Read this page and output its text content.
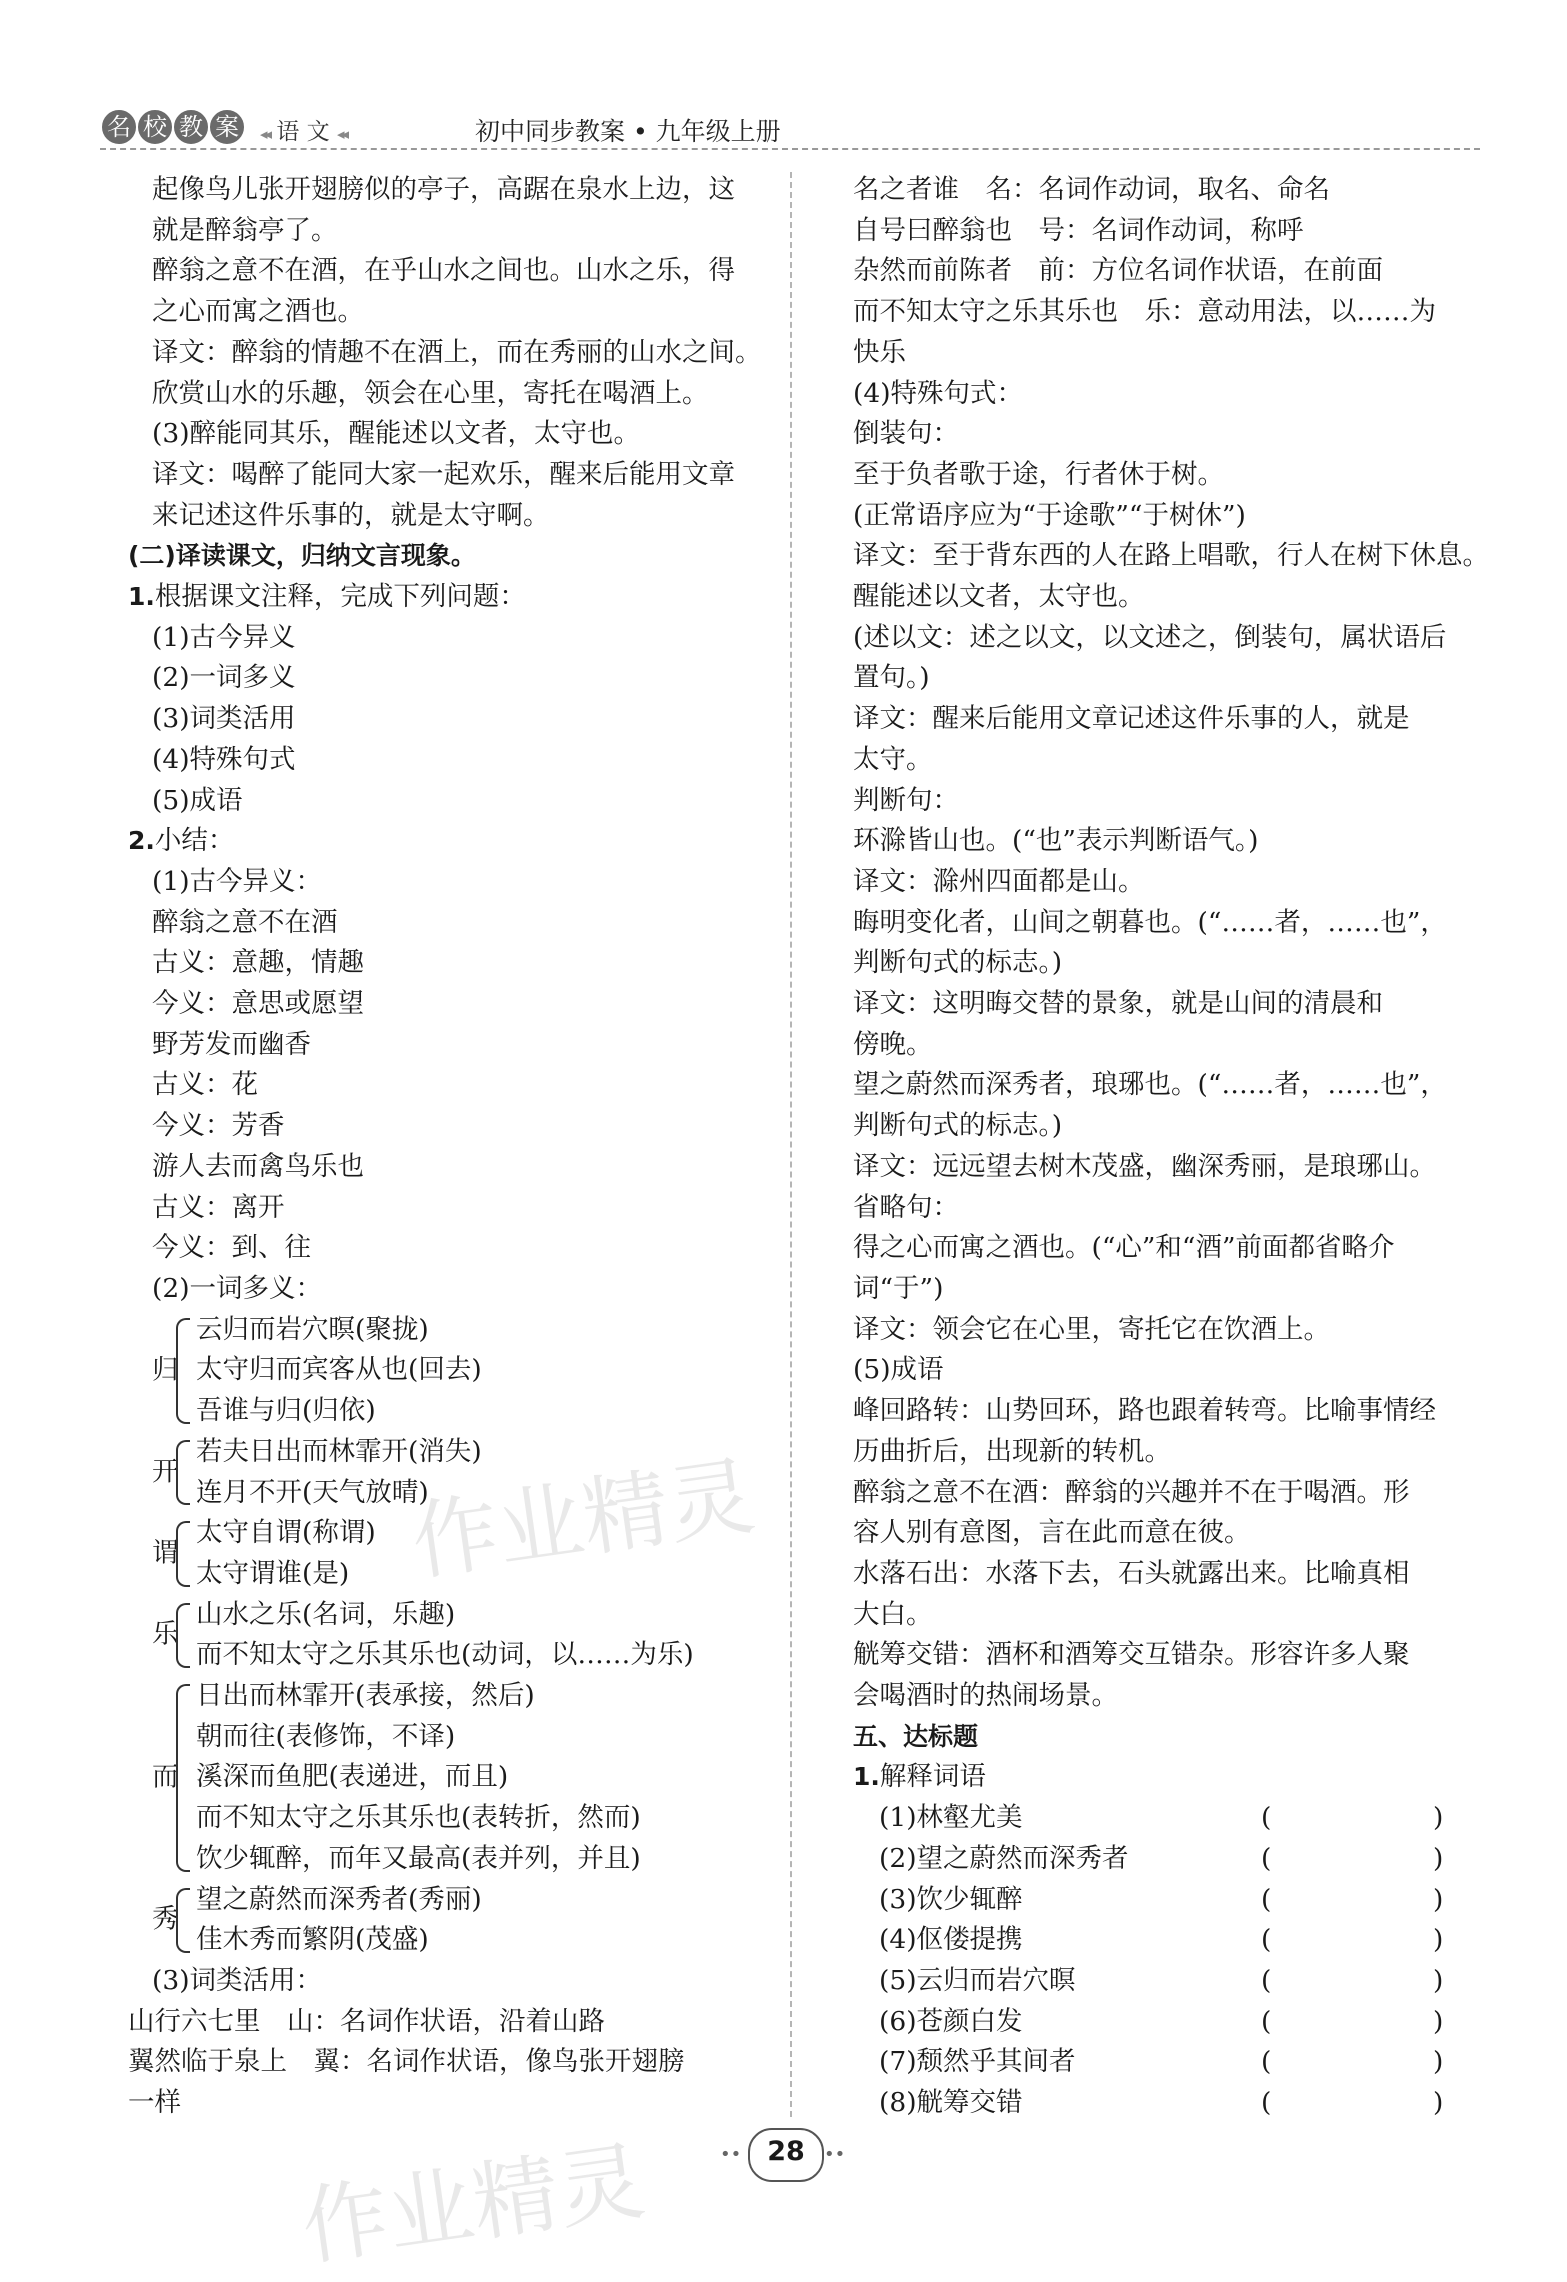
名 校 教 案	◂◂ 语 文 ◂◂	初中同步教案 • 九年级上册
起像鸟儿张开翅膀似的亭子，高踞在泉水上边，这
就是醉翁亭了。
醉翁之意不在酒，在乎山水之间也。山水之乐，得
之心而寓之酒也。
译文：醉翁的情趣不在酒上，而在秀丽的山水之间。
欣赏山水的乐趣，领会在心里，寄托在喝酒上。
(3)醉能同其乐，醒能述以文者，太守也。
译文：喝醉了能同大家一起欢乐，醒来后能用文章
来记述这件乐事的，就是太守啊。
(二)译读课文，归纳文言现象。
1.根据课文注释，完成下列问题：
(1)古今异义
(2)一词多义
(3)词类活用
(4)特殊句式
(5)成语
2.小结：
(1)古今异义：
醉翁之意不在酒
古义：意趣，情趣
今义：意思或愿望
野芳发而幽香
古义：花
今义：芳香
游人去而禽鸟乐也
古义：离开
今义：到、往
(2)一词多义：
归
云归而岩穴暝(聚拢)
太守归而宾客从也(回去)
吾谁与归(归依)
开
若夫日出而林霏开(消失)
连月不开(天气放晴)
谓
太守自谓(称谓)
太守谓谁(是)
乐
山水之乐(名词，乐趣)
而不知太守之乐其乐也(动词，以……为乐)
而
日出而林霏开(表承接，然后)
朝而往(表修饰，不译)
溪深而鱼肥(表递进，而且)
而不知太守之乐其乐也(表转折，然而)
饮少辄醉，而年又最高(表并列，并且)
秀
望之蔚然而深秀者(秀丽)
佳木秀而繁阴(茂盛)
(3)词类活用：
山行六七里　山：名词作状语，沿着山路
翼然临于泉上　翼：名词作状语，像鸟张开翅膀
一样
名之者谁　名：名词作动词，取名、命名
自号曰醉翁也　号：名词作动词，称呼
杂然而前陈者　前：方位名词作状语，在前面
而不知太守之乐其乐也　乐：意动用法，以……为
快乐
(4)特殊句式：
倒装句：
至于负者歌于途，行者休于树。
(正常语序应为“于途歌”“于树休”)
译文：至于背东西的人在路上唱歌，行人在树下休息。
醒能述以文者，太守也。
(述以文：述之以文，以文述之，倒装句，属状语后
置句。)
译文：醒来后能用文章记述这件乐事的人，就是
太守。
判断句：
环滁皆山也。(“也”表示判断语气。)
译文：滁州四面都是山。
晦明变化者，山间之朝暮也。(“……者，……也”，
判断句式的标志。)
译文：这明晦交替的景象，就是山间的清晨和
傍晚。
望之蔚然而深秀者，琅琊也。(“……者，……也”，
判断句式的标志。)
译文：远远望去树木茂盛，幽深秀丽，是琅琊山。
省略句：
得之心而寓之酒也。(“心”和“酒”前面都省略介
词“于”)
译文：领会它在心里，寄托它在饮酒上。
(5)成语
峰回路转：山势回环，路也跟着转弯。比喻事情经
历曲折后，出现新的转机。
醉翁之意不在酒：醉翁的兴趣并不在于喝酒。形
容人别有意图，言在此而意在彼。
水落石出：水落下去，石头就露出来。比喻真相
大白。
觥筹交错：酒杯和酒筹交互错杂。形容许多人聚
会喝酒时的热闹场景。
五、达标题
1.解释词语
(1)林壑尤美	(	)
(2)望之蔚然而深秀者	(	)
(3)饮少辄醉	(	)
(4)伛偻提携	(	)
(5)云归而岩穴暝	(	)
(6)苍颜白发	(	)
(7)颓然乎其间者	(	)
(8)觥筹交错	(	)
作业精灵
作业精灵	•• 28	••
